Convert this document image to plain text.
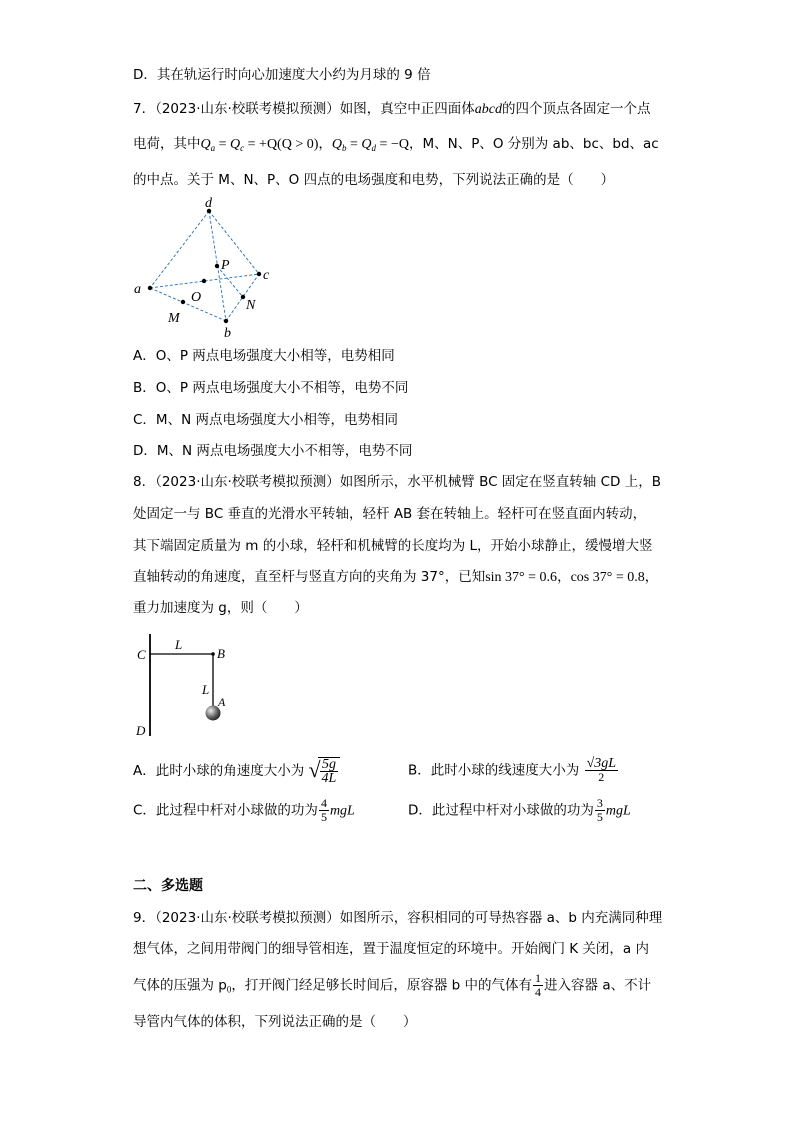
D．其在轨运行时向心加速度大小约为月球的 9 倍
7．（2023·山东·校联考模拟预测）如图，真空中正四面体abcd的四个顶点各固定一个点
电荷，其中$Q_a = Q_c = +Q(Q > 0)$，$Q_b = Q_d = -Q$，M、N、P、O 分别为 ab、bc、bd、ac
的中点。关于 M、N、P、O 四点的电场强度和电势，下列说法正确的是（　　）
d
a
c
b
O
P
M
N
A．O、P 两点电场强度大小相等，电势相同
B．O、P 两点电场强度大小不相等，电势不同
C．M、N 两点电场强度大小相等，电势相同
D．M、N 两点电场强度大小不相等，电势不同
8．（2023·山东·校联考模拟预测）如图所示，水平机械臂 BC 固定在竖直转轴 CD 上，B
处固定一与 BC 垂直的光滑水平转轴，轻杆 AB 套在转轴上。轻杆可在竖直面内转动，
其下端固定质量为 m 的小球，轻杆和机械臂的长度均为 L，开始小球静止，缓慢增大竖
直轴转动的角速度，直至杆与竖直方向的夹角为 37°，已知sin 37° = 0.6，cos 37° = 0.8，
重力加速度为 g，则（　　）
C
L
B
L
A
D
A．此时小球的角速度大小为 √
$\frac{5g}{4L}$	B．此时小球的线速度大小为 $\frac{√3gL}{2}$
C．此过程中杆对小球做的功为 $\frac{4}{5}$ mgL	D．此过程中杆对小球做的功为 $\frac{3}{5}$ mgL
二、多选题
9．（2023·山东·校联考模拟预测）如图所示，容积相同的可导热容器 a、b 内充满同种理
想气体，之间用带阀门的细导管相连，置于温度恒定的环境中。开始阀门 K 关闭，a 内
气体的压强为 $p_0$，打开阀门经足够长时间后，原容器 b 中的气体有 $\frac{1}{4}$ 进入容器 a、不计
导管内气体的体积，下列说法正确的是（　　）
